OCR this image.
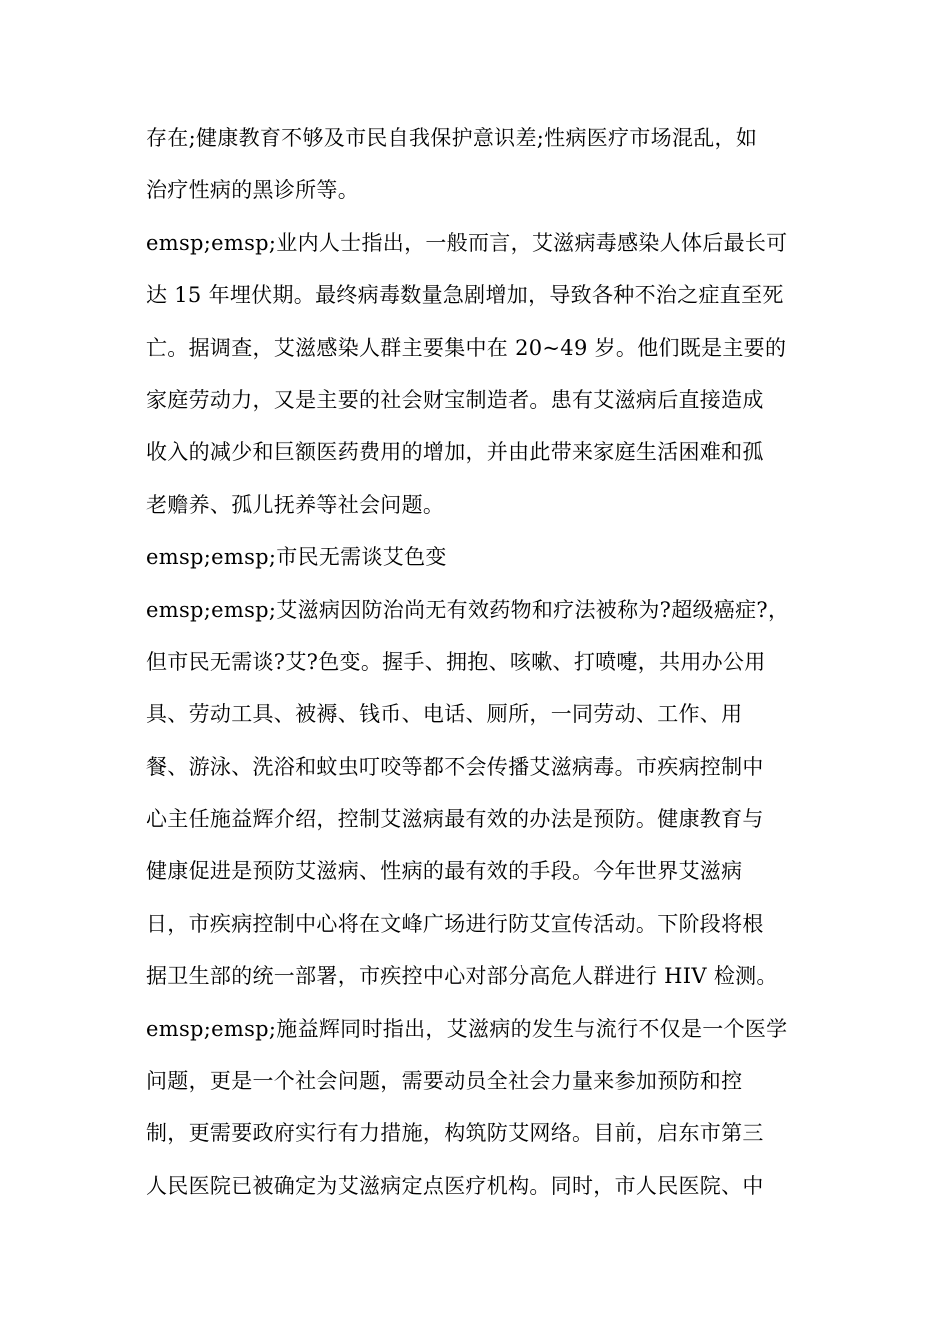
存在;健康教育不够及市民自我保护意识差;性病医疗市场混乱，如
治疗性病的黑诊所等。
emsp;emsp;业内人士指出，一般而言，艾滋病毒感染人体后最长可
达 15 年埋伏期。最终病毒数量急剧增加，导致各种不治之症直至死
亡。据调查，艾滋感染人群主要集中在 20~49 岁。他们既是主要的
家庭劳动力，又是主要的社会财宝制造者。患有艾滋病后直接造成
收入的减少和巨额医药费用的增加，并由此带来家庭生活困难和孤
老赡养、孤儿抚养等社会问题。
emsp;emsp;市民无需谈艾色变
emsp;emsp;艾滋病因防治尚无有效药物和疗法被称为?超级癌症?，
但市民无需谈?艾?色变。握手、拥抱、咳嗽、打喷嚏，共用办公用
具、劳动工具、被褥、钱币、电话、厕所，一同劳动、工作、用
餐、游泳、洗浴和蚊虫叮咬等都不会传播艾滋病毒。市疾病控制中
心主任施益辉介绍，控制艾滋病最有效的办法是预防。健康教育与
健康促进是预防艾滋病、性病的最有效的手段。今年世界艾滋病
日，市疾病控制中心将在文峰广场进行防艾宣传活动。下阶段将根
据卫生部的统一部署，市疾控中心对部分高危人群进行 HIV 检测。
emsp;emsp;施益辉同时指出，艾滋病的发生与流行不仅是一个医学
问题，更是一个社会问题，需要动员全社会力量来参加预防和控
制，更需要政府实行有力措施，构筑防艾网络。目前，启东市第三
人民医院已被确定为艾滋病定点医疗机构。同时，市人民医院、中
